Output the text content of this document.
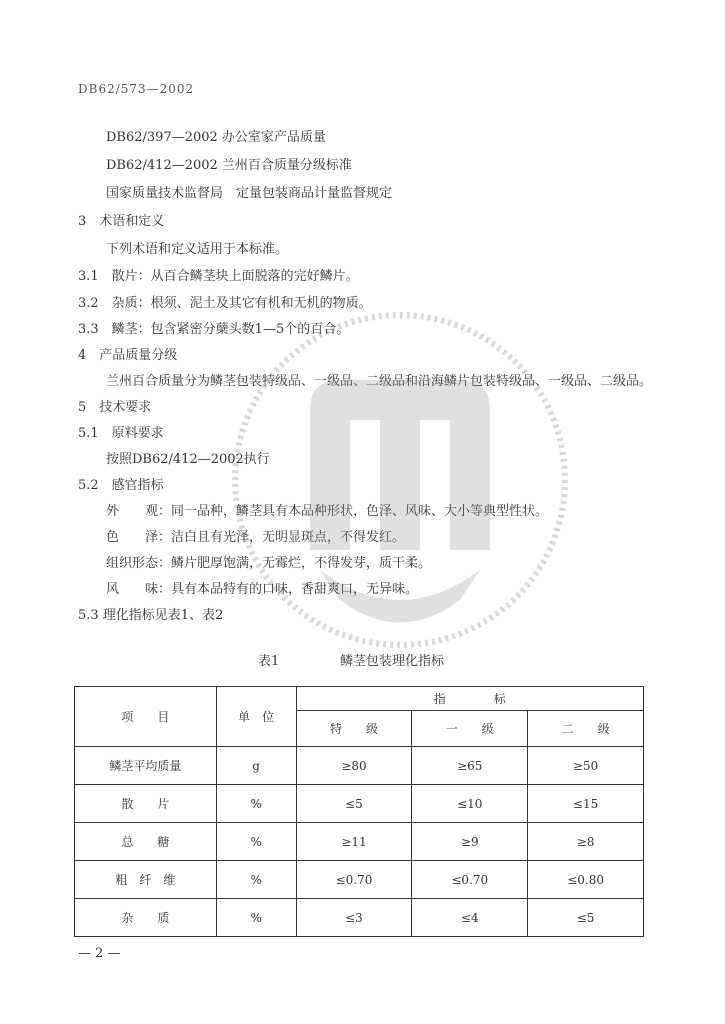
DB62/573—2002
DB62/397—2002 办公室家产品质量
DB62/412—2002 兰州百合质量分级标准
国家质量技术监督局　定量包装商品计量监督规定
3　术语和定义
下列术语和定义适用于本标准。
3.1　散片：从百合鳞茎块上面脱落的完好鳞片。
3.2　杂质：根须、泥土及其它有机和无机的物质。
3.3　鳞茎：包含紧密分蘖头数1—5个的百合。
4　产品质量分级
兰州百合质量分为鳞茎包装特级品、一级品、二级品和沿海鳞片包装特级品、一级品、二级品。
5　技术要求
5.1　原料要求
按照DB62/412—2002执行
5.2　感官指标
外　　观：同一品种，鳞茎具有本品种形状，色泽、风味、大小等典型性状。
色　　泽：洁白且有光泽，无明显斑点，不得发红。
组织形态：鳞片肥厚饱满，无霉烂，不得发芽，质干柔。
风　　味：具有本品特有的口味，香甜爽口，无异味。
5.3 理化指标见表1、表2
表1	鳞茎包装理化指标
项　　目	单　位	指　　　　标		
		特　　级	一　　级	二　　级
鳞茎平均质量	g	≥80	≥65	≥50
散　　片	%	≤5	≤10	≤15
总　　糖	%	≥11	≥9	≥8
粗　纤　维	%	≤0.70	≤0.70	≤0.80
杂　　质	%	≤3	≤4	≤5
— 2 —
